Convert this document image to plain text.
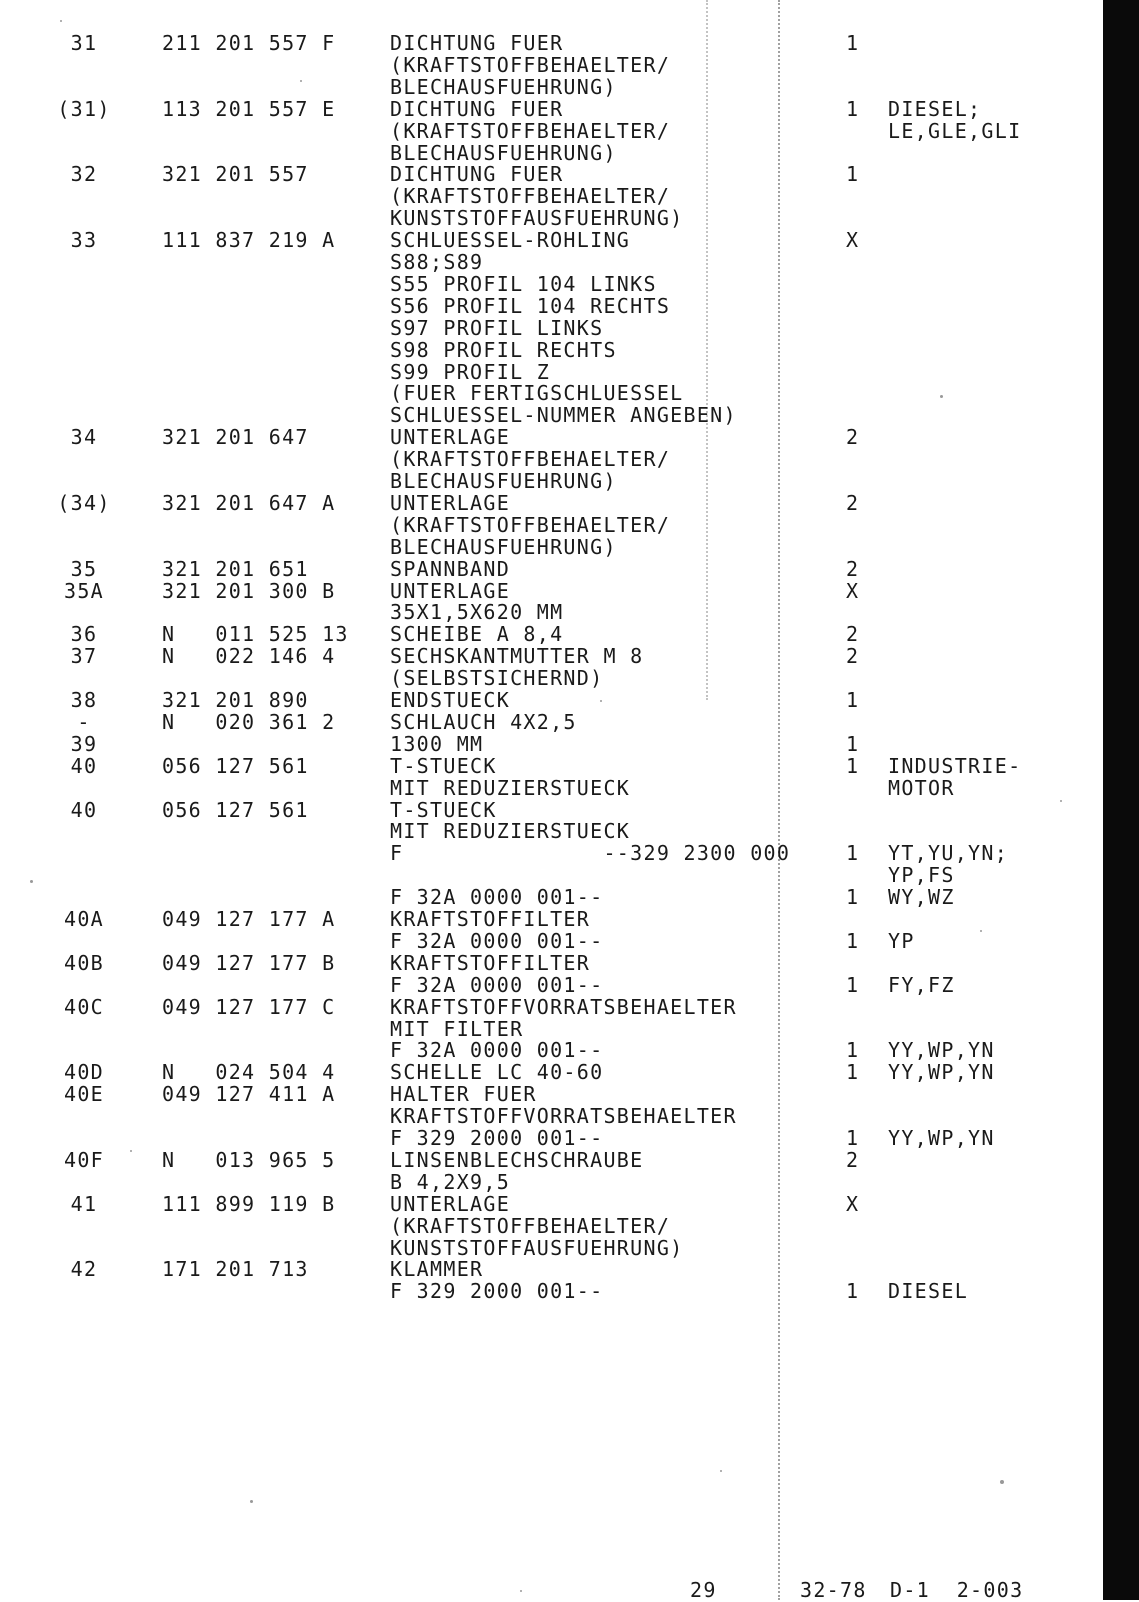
31	211 201 557 F	DICHTUNG FUER	1
(KRAFTSTOFFBEHAELTER/
BLECHAUSFUEHRUNG)
(31)	113 201 557 E	DICHTUNG FUER	1 DIESEL;
(KRAFTSTOFFBEHAELTER/	LE,GLE,GLI
BLECHAUSFUEHRUNG)
32	321 201 557	DICHTUNG FUER	1
(KRAFTSTOFFBEHAELTER/
KUNSTSTOFFAUSFUEHRUNG)
33	111 837 219 A	SCHLUESSEL-ROHLING	X
S88;S89
S55 PROFIL 104 LINKS
S56 PROFIL 104 RECHTS
S97 PROFIL LINKS
S98 PROFIL RECHTS
S99 PROFIL Z
(FUER FERTIGSCHLUESSEL
SCHLUESSEL-NUMMER ANGEBEN)
34	321 201 647	UNTERLAGE	2
(KRAFTSTOFFBEHAELTER/
BLECHAUSFUEHRUNG)
(34)	321 201 647 A	UNTERLAGE	2
(KRAFTSTOFFBEHAELTER/
BLECHAUSFUEHRUNG)
35	321 201 651	SPANNBAND	2
35A	321 201 300 B	UNTERLAGE	X
35X1,5X620 MM
36	N   011 525 13 SCHEIBE A 8,4	2
37	N   022 146 4	SECHSKANTMUTTER M 8	2
(SELBSTSICHERND)
38	321 201 890	ENDSTUECK	1
-	N   020 361 2	SCHLAUCH 4X2,5
39	1300 MM	1
40	056 127 561	T-STUECK	1 INDUSTRIE-
MIT REDUZIERSTUECK	MOTOR
40	056 127 561	T-STUECK
MIT REDUZIERSTUECK
F               --329 2300 000	1 YT,YU,YN;
YP,FS
F 32A 0000 001--	1 WY,WZ
40A	049 127 177 A	KRAFTSTOFFILTER
F 32A 0000 001--	1 YP
40B	049 127 177 B	KRAFTSTOFFILTER
F 32A 0000 001--	1 FY,FZ
40C	049 127 177 C	KRAFTSTOFFVORRATSBEHAELTER
MIT FILTER
F 32A 0000 001--	1 YY,WP,YN
40D	N   024 504 4	SCHELLE LC 40-60	1 YY,WP,YN
40E	049 127 411 A	HALTER FUER
KRAFTSTOFFVORRATSBEHAELTER
F 329 2000 001--	1 YY,WP,YN
40F	N   013 965 5	LINSENBLECHSCHRAUBE	2
B 4,2X9,5
41	111 899 119 B	UNTERLAGE	X
(KRAFTSTOFFBEHAELTER/
KUNSTSTOFFAUSFUEHRUNG)
42	171 201 713	KLAMMER
F 329 2000 001--	1 DIESEL
29	32-78 D-1  2-003
